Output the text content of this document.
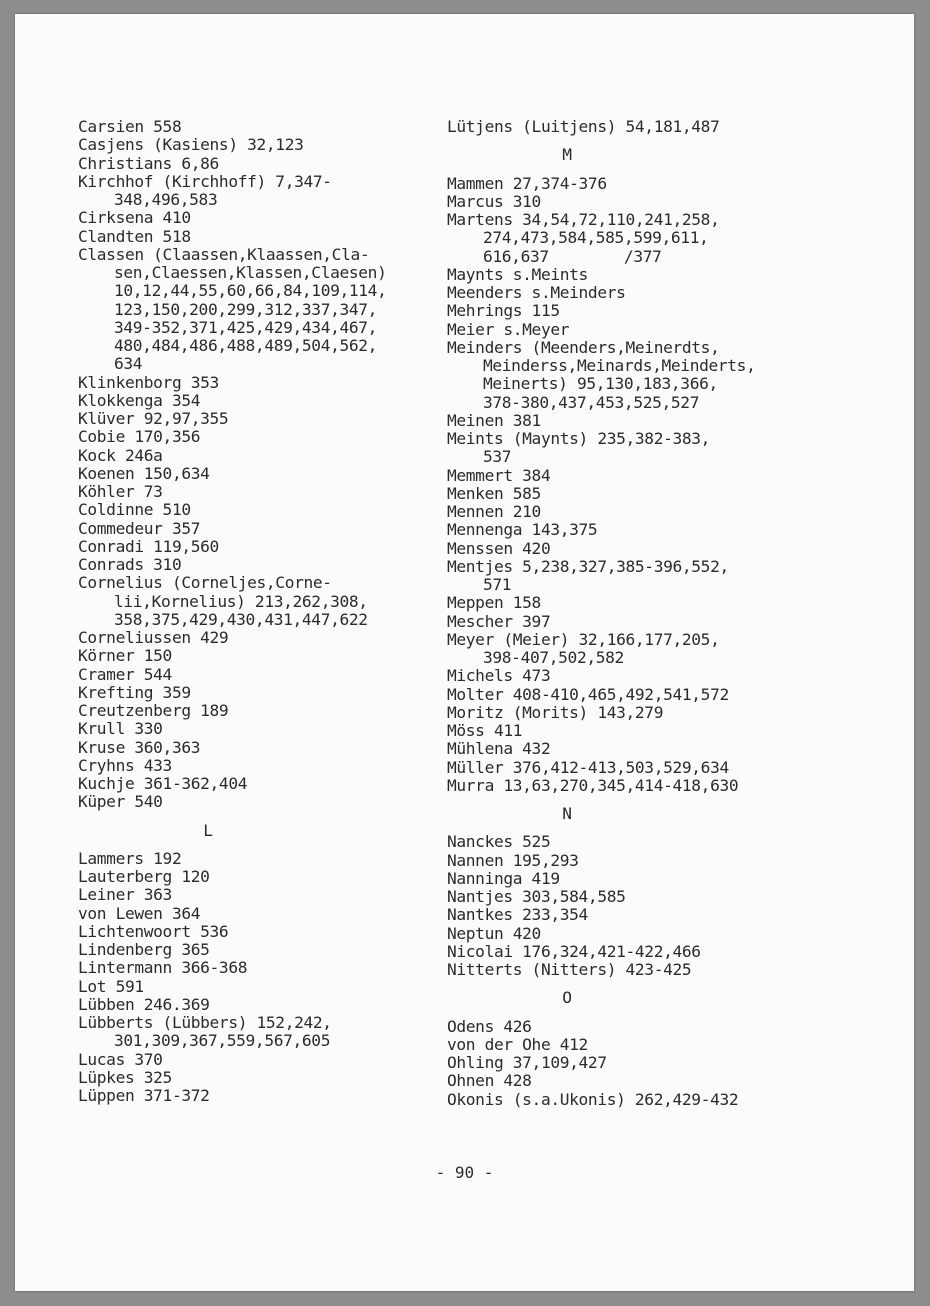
Carsien 558
Casjens (Kasiens) 32,123
Christians 6,86
Kirchhof (Kirchhoff) 7,347-
348,496,583
Cirksena 410
Clandten 518
Classen (Claassen,Klaassen,Cla-
sen,Claessen,Klassen,Claesen)
10,12,44,55,60,66,84,109,114,
123,150,200,299,312,337,347,
349-352,371,425,429,434,467,
480,484,486,488,489,504,562,
634
Klinkenborg 353
Klokkenga 354
Klüver 92,97,355
Cobie 170,356
Kock 246a
Koenen 150,634
Köhler 73
Coldinne 510
Commedeur 357
Conradi 119,560
Conrads 310
Cornelius (Corneljes,Corne-
lii,Kornelius) 213,262,308,
358,375,429,430,431,447,622
Corneliussen 429
Körner 150
Cramer 544
Krefting 359
Creutzenberg 189
Krull 330
Kruse 360,363
Cryhns 433
Kuchje 361-362,404
Küper 540
L
Lammers 192
Lauterberg 120
Leiner 363
von Lewen 364
Lichtenwoort 536
Lindenberg 365
Lintermann 366-368
Lot 591
Lübben 246.369
Lübberts (Lübbers) 152,242,
301,309,367,559,567,605
Lucas 370
Lüpkes 325
Lüppen 371-372
Lütjens (Luitjens) 54,181,487
M
Mammen 27,374-376
Marcus 310
Martens 34,54,72,110,241,258,
274,473,584,585,599,611,
616,637        /377
Maynts s.Meints
Meenders s.Meinders
Mehrings 115
Meier s.Meyer
Meinders (Meenders,Meinerdts,
Meinderss,Meinards,Meinderts,
Meinerts) 95,130,183,366,
378-380,437,453,525,527
Meinen 381
Meints (Maynts) 235,382-383,
537
Memmert 384
Menken 585
Mennen 210
Mennenga 143,375
Menssen 420
Mentjes 5,238,327,385-396,552,
571
Meppen 158
Mescher 397
Meyer (Meier) 32,166,177,205,
398-407,502,582
Michels 473
Molter 408-410,465,492,541,572
Moritz (Morits) 143,279
Möss 411
Mühlena 432
Müller 376,412-413,503,529,634
Murra 13,63,270,345,414-418,630
N
Nanckes 525
Nannen 195,293
Nanninga 419
Nantjes 303,584,585
Nantkes 233,354
Neptun 420
Nicolai 176,324,421-422,466
Nitterts (Nitters) 423-425
O
Odens 426
von der Ohe 412
Ohling 37,109,427
Ohnen 428
Okonis (s.a.Ukonis) 262,429-432
- 90 -
